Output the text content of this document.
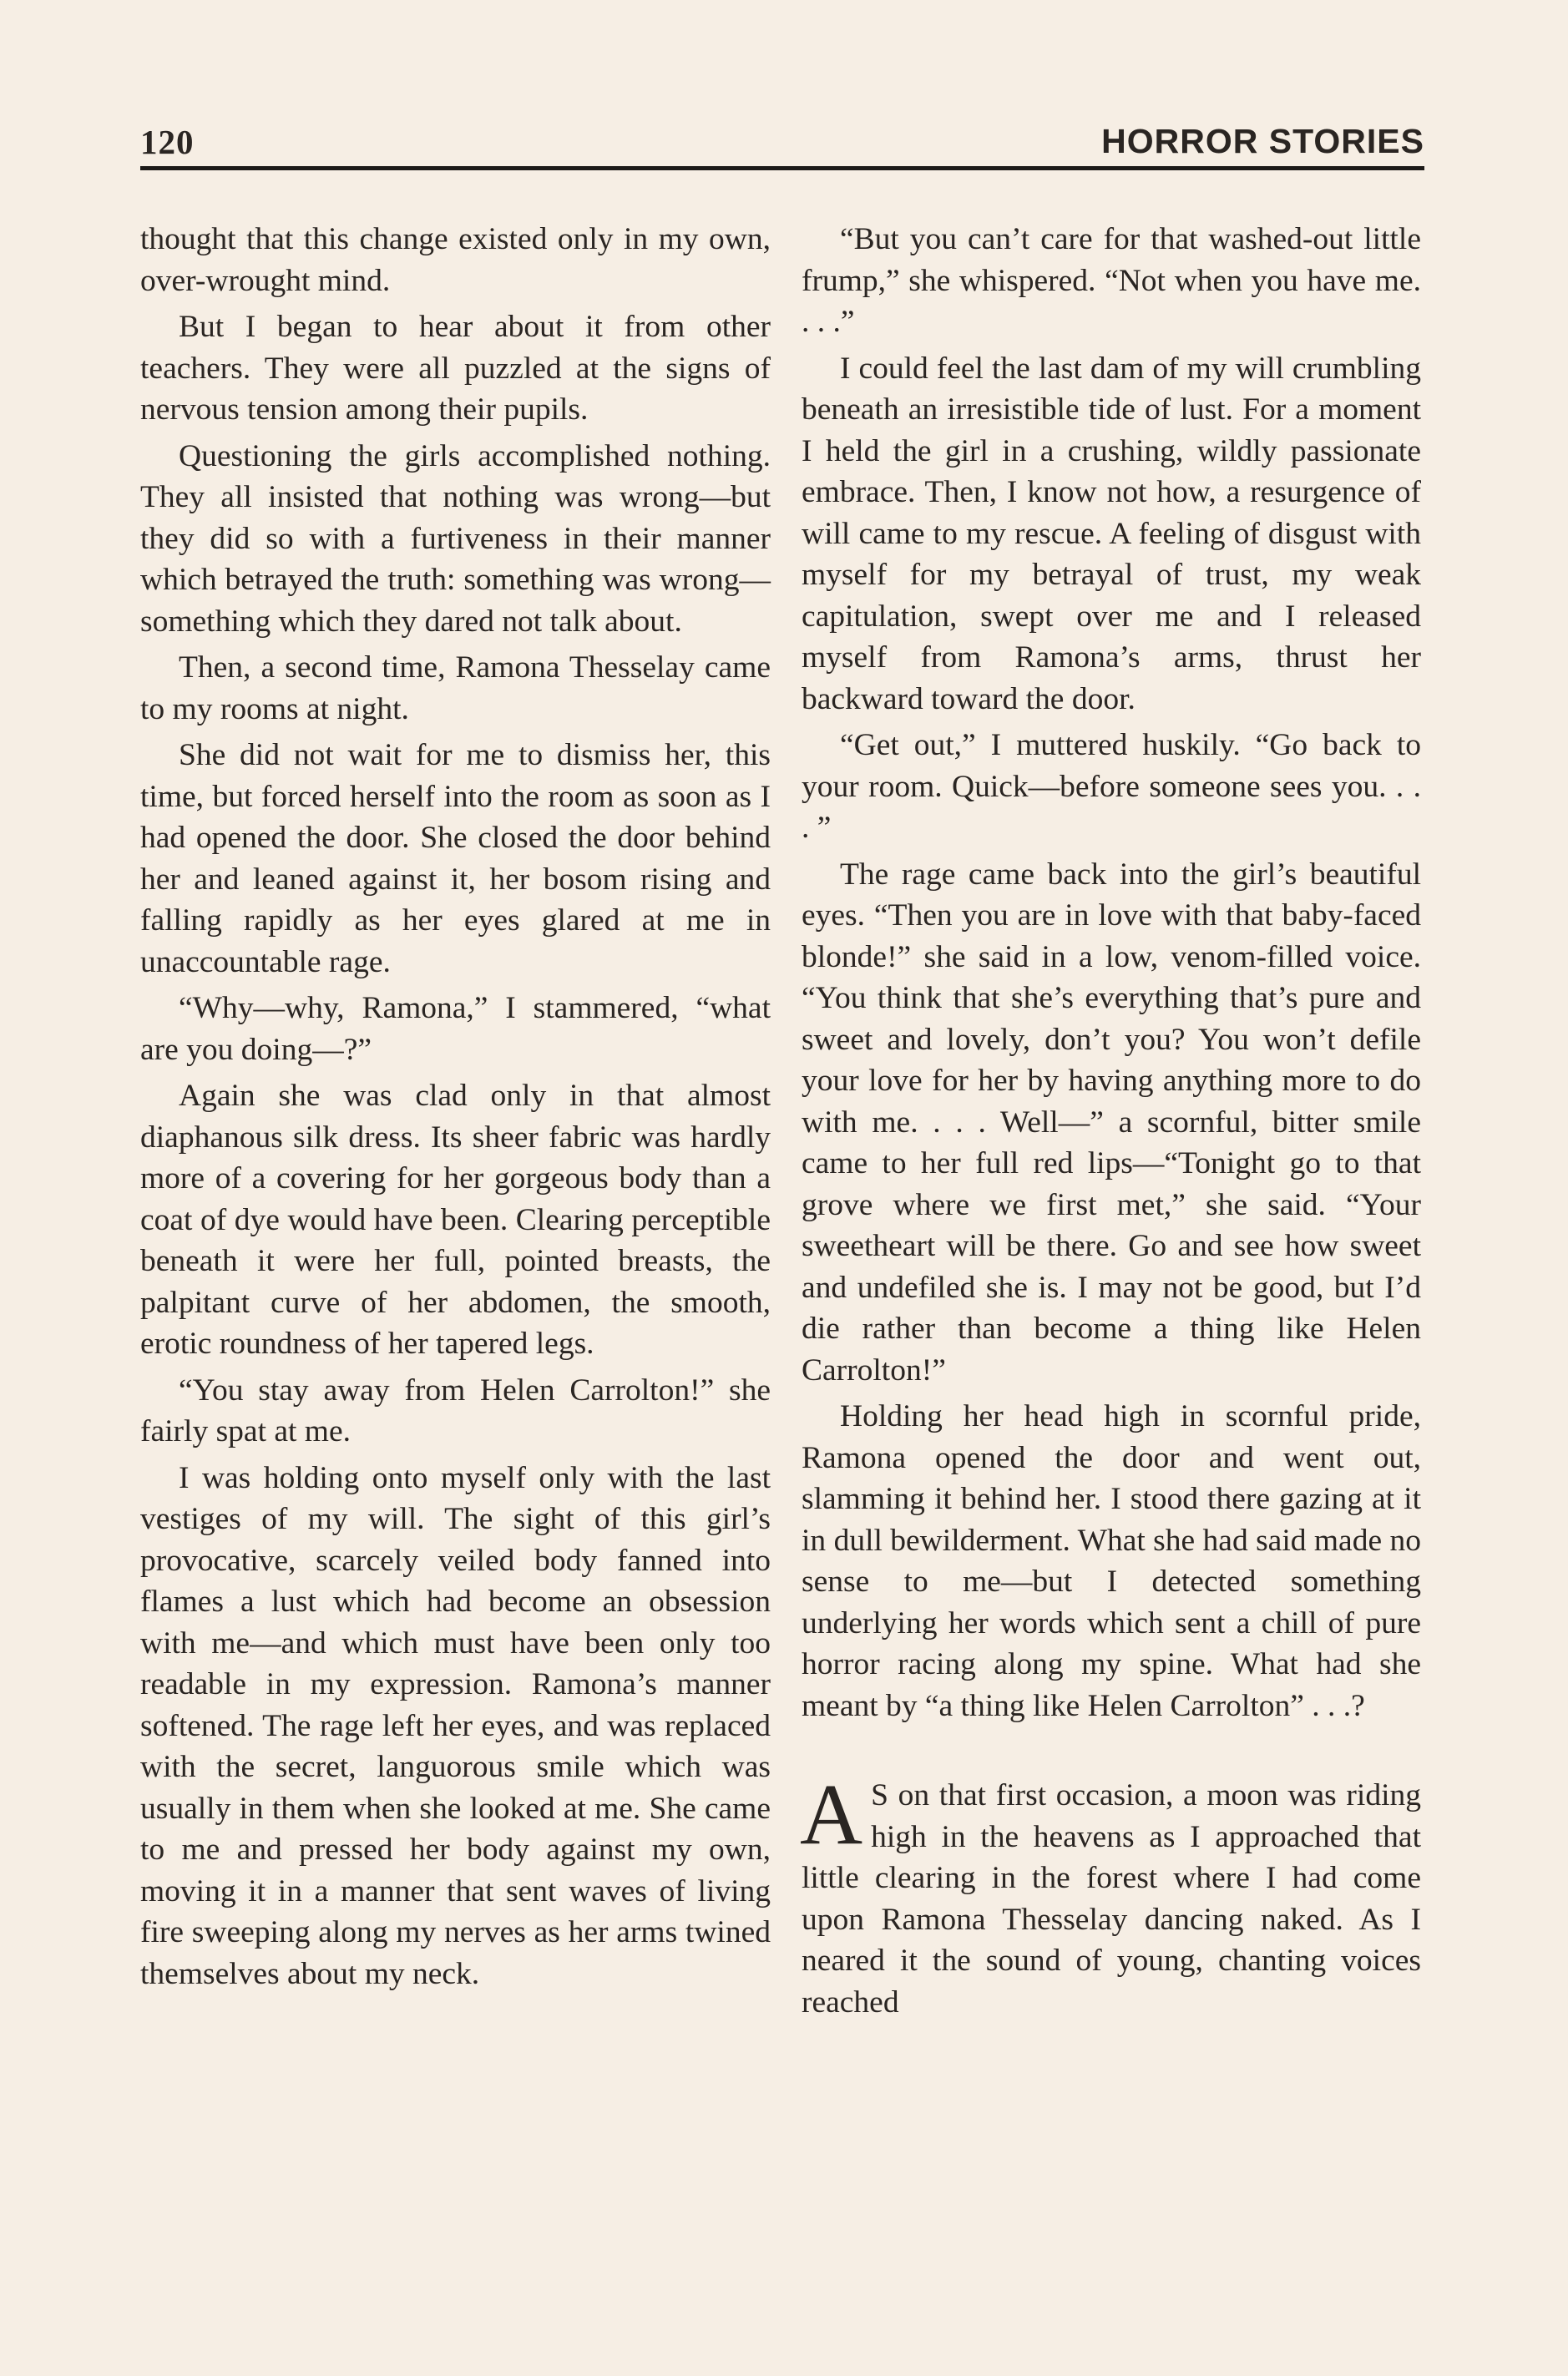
120	HORROR STORIES

thought that this change existed only in my own, over-wrought mind.

But I began to hear about it from other teachers. They were all puzzled at the signs of nervous tension among their pupils.

Questioning the girls accomplished nothing. They all insisted that nothing was wrong—but they did so with a furtiveness in their manner which betrayed the truth: something was wrong—something which they dared not talk about.

Then, a second time, Ramona Thesselay came to my rooms at night.

She did not wait for me to dismiss her, this time, but forced herself into the room as soon as I had opened the door. She closed the door behind her and leaned against it, her bosom rising and falling rapidly as her eyes glared at me in unaccountable rage.

“Why—why, Ramona,” I stammered, “what are you doing—?”

Again she was clad only in that almost diaphanous silk dress. Its sheer fabric was hardly more of a covering for her gorgeous body than a coat of dye would have been. Clearing perceptible beneath it were her full, pointed breasts, the palpitant curve of her abdomen, the smooth, erotic roundness of her tapered legs.

“You stay away from Helen Carrolton!” she fairly spat at me.

I was holding onto myself only with the last vestiges of my will. The sight of this girl’s provocative, scarcely veiled body fanned into flames a lust which had become an obsession with me—and which must have been only too readable in my expression. Ramona’s manner softened. The rage left her eyes, and was replaced with the secret, languorous smile which was usually in them when she looked at me. She came to me and pressed her body against my own, moving it in a manner that sent waves of living fire sweeping along my nerves as her arms twined themselves about my neck.

“But you can’t care for that washed-out little frump,” she whispered. “Not when you have me. . . .”

I could feel the last dam of my will crumbling beneath an irresistible tide of lust. For a moment I held the girl in a crushing, wildly passionate embrace. Then, I know not how, a resurgence of will came to my rescue. A feeling of disgust with myself for my betrayal of trust, my weak capitulation, swept over me and I released myself from Ramona’s arms, thrust her backward toward the door.

“Get out,” I muttered huskily. “Go back to your room. Quick—before someone sees you. . . . ”

The rage came back into the girl’s beautiful eyes. “Then you are in love with that baby-faced blonde!” she said in a low, venom-filled voice. “You think that she’s everything that’s pure and sweet and lovely, don’t you? You won’t defile your love for her by having anything more to do with me. . . . Well—” a scornful, bitter smile came to her full red lips—“Tonight go to that grove where we first met,” she said. “Your sweetheart will be there. Go and see how sweet and undefiled she is. I may not be good, but I’d die rather than become a thing like Helen Carrolton!”

Holding her head high in scornful pride, Ramona opened the door and went out, slamming it behind her. I stood there gazing at it in dull bewilderment. What she had said made no sense to me—but I detected something underlying her words which sent a chill of pure horror racing along my spine. What had she meant by “a thing like Helen Carrolton” . . .?

A S on that first occasion, a moon was riding high in the heavens as I approached that little clearing in the forest where I had come upon Ramona Thesselay dancing naked. As I neared it the sound of young, chanting voices reached
